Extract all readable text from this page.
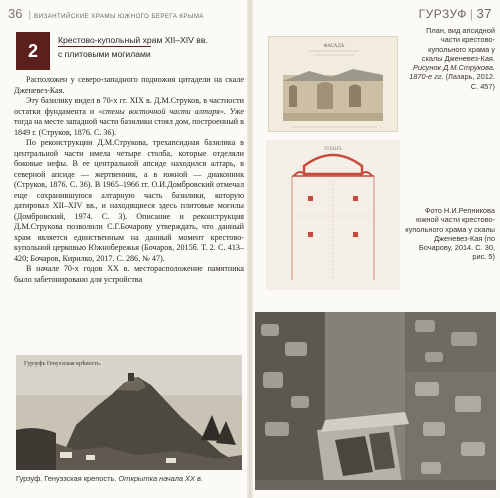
36 | ВИЗАНТИЙСКИЕ ХРАМЫ ЮЖНОГО БЕРЕГА КРЫМА
2
Крестово-купольный храм XII–XIV вв.
с плитовыми могилами

Расположен у северо-западного подножия цитадели на скале Дженевез-Кая.

Эту базилику видел в 70-х гг. XIX в. Д.М.Струков, в частности остатки фундамента и «стены восточной части алтаря». Уже тогда на месте западной части базилики стоял дом, построенный в 1849 г. (Струков, 1876. С. 36).

По реконструкции Д.М.Струкова, трехапсидная базилика в центральной части имела четыре столба, которые отделяли боковые нефы. В ее центральной апсиде находился алтарь, в северной апсиде — жертвенник, а в южной — диаконник (Струков, 1876. С. 36). В 1965–1966 гг. О.И.Домбровский отмечал еще сохранившуюся алтарную часть базилики, которую датировал XII–XIV вв., и находящиеся здесь плитовые могилы (Домбровский, 1974. С. 3). Описание и реконструкция Д.М.Струкова позволили С.Г.Бочарову утверждать, что данный храм является единственным на данный момент крестово-купольной церковью Южнобережья (Бочаров, 2015б. Т. 2. С. 413–420; Бочаров, Кирилко, 2017. С. 286, № 47).

В начале 70-х годов XX в. месторасположение памятника было забетонировано для устройства

Гурзуфъ Генуэзская крѣпость.
Гурзуф. Генуэзская крепость. Открытка начала XX в.
ГУРЗУФ | 37
ФАСАДЪ
ПЛАНЪ
План, вид апсидной части крестово-купольного храма у скалы Дженевез-Кая. Рисунок Д.М.Струкова. 1870-е гг. (Лазарь, 2012. С. 457)
Фото Н.И.Репникова южной части крестово-купольного храма у скалы Дженевез-Кая (по Бочарову, 2014. С. 30, рис. 5)
